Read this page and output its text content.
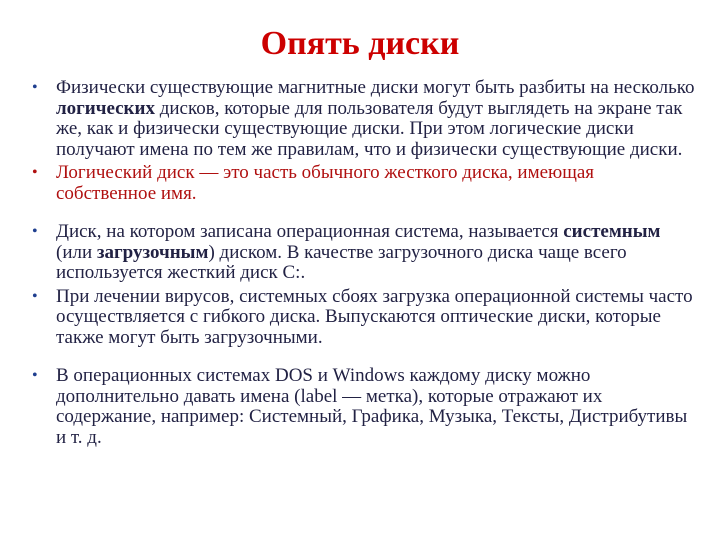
Опять диски
• Физически существующие магнитные диски могут быть разбиты на несколько логических дисков, которые для пользователя будут выглядеть на экране так же, как и физически существующие диски. При этом логические диски получают имена по тем же правилам, что и физически существующие диски.
• Логический диск — это часть обычного жесткого диска, имеющая собственное имя.
• Диск, на котором записана операционная система, называется системным (или загрузочным) диском. В качестве загрузочного диска чаще всего используется жесткий диск С:.
• При лечении вирусов, системных сбоях загрузка операционной системы часто осуществляется с гибкого диска. Выпускаются оптические диски, которые также могут быть загрузочными.
• В операционных системах DOS и Windows каждому диску можно дополнительно давать имена (label — метка), которые отражают их содержание, например: Системный, Графика, Музыка, Тексты, Дистрибутивы и т. д.
